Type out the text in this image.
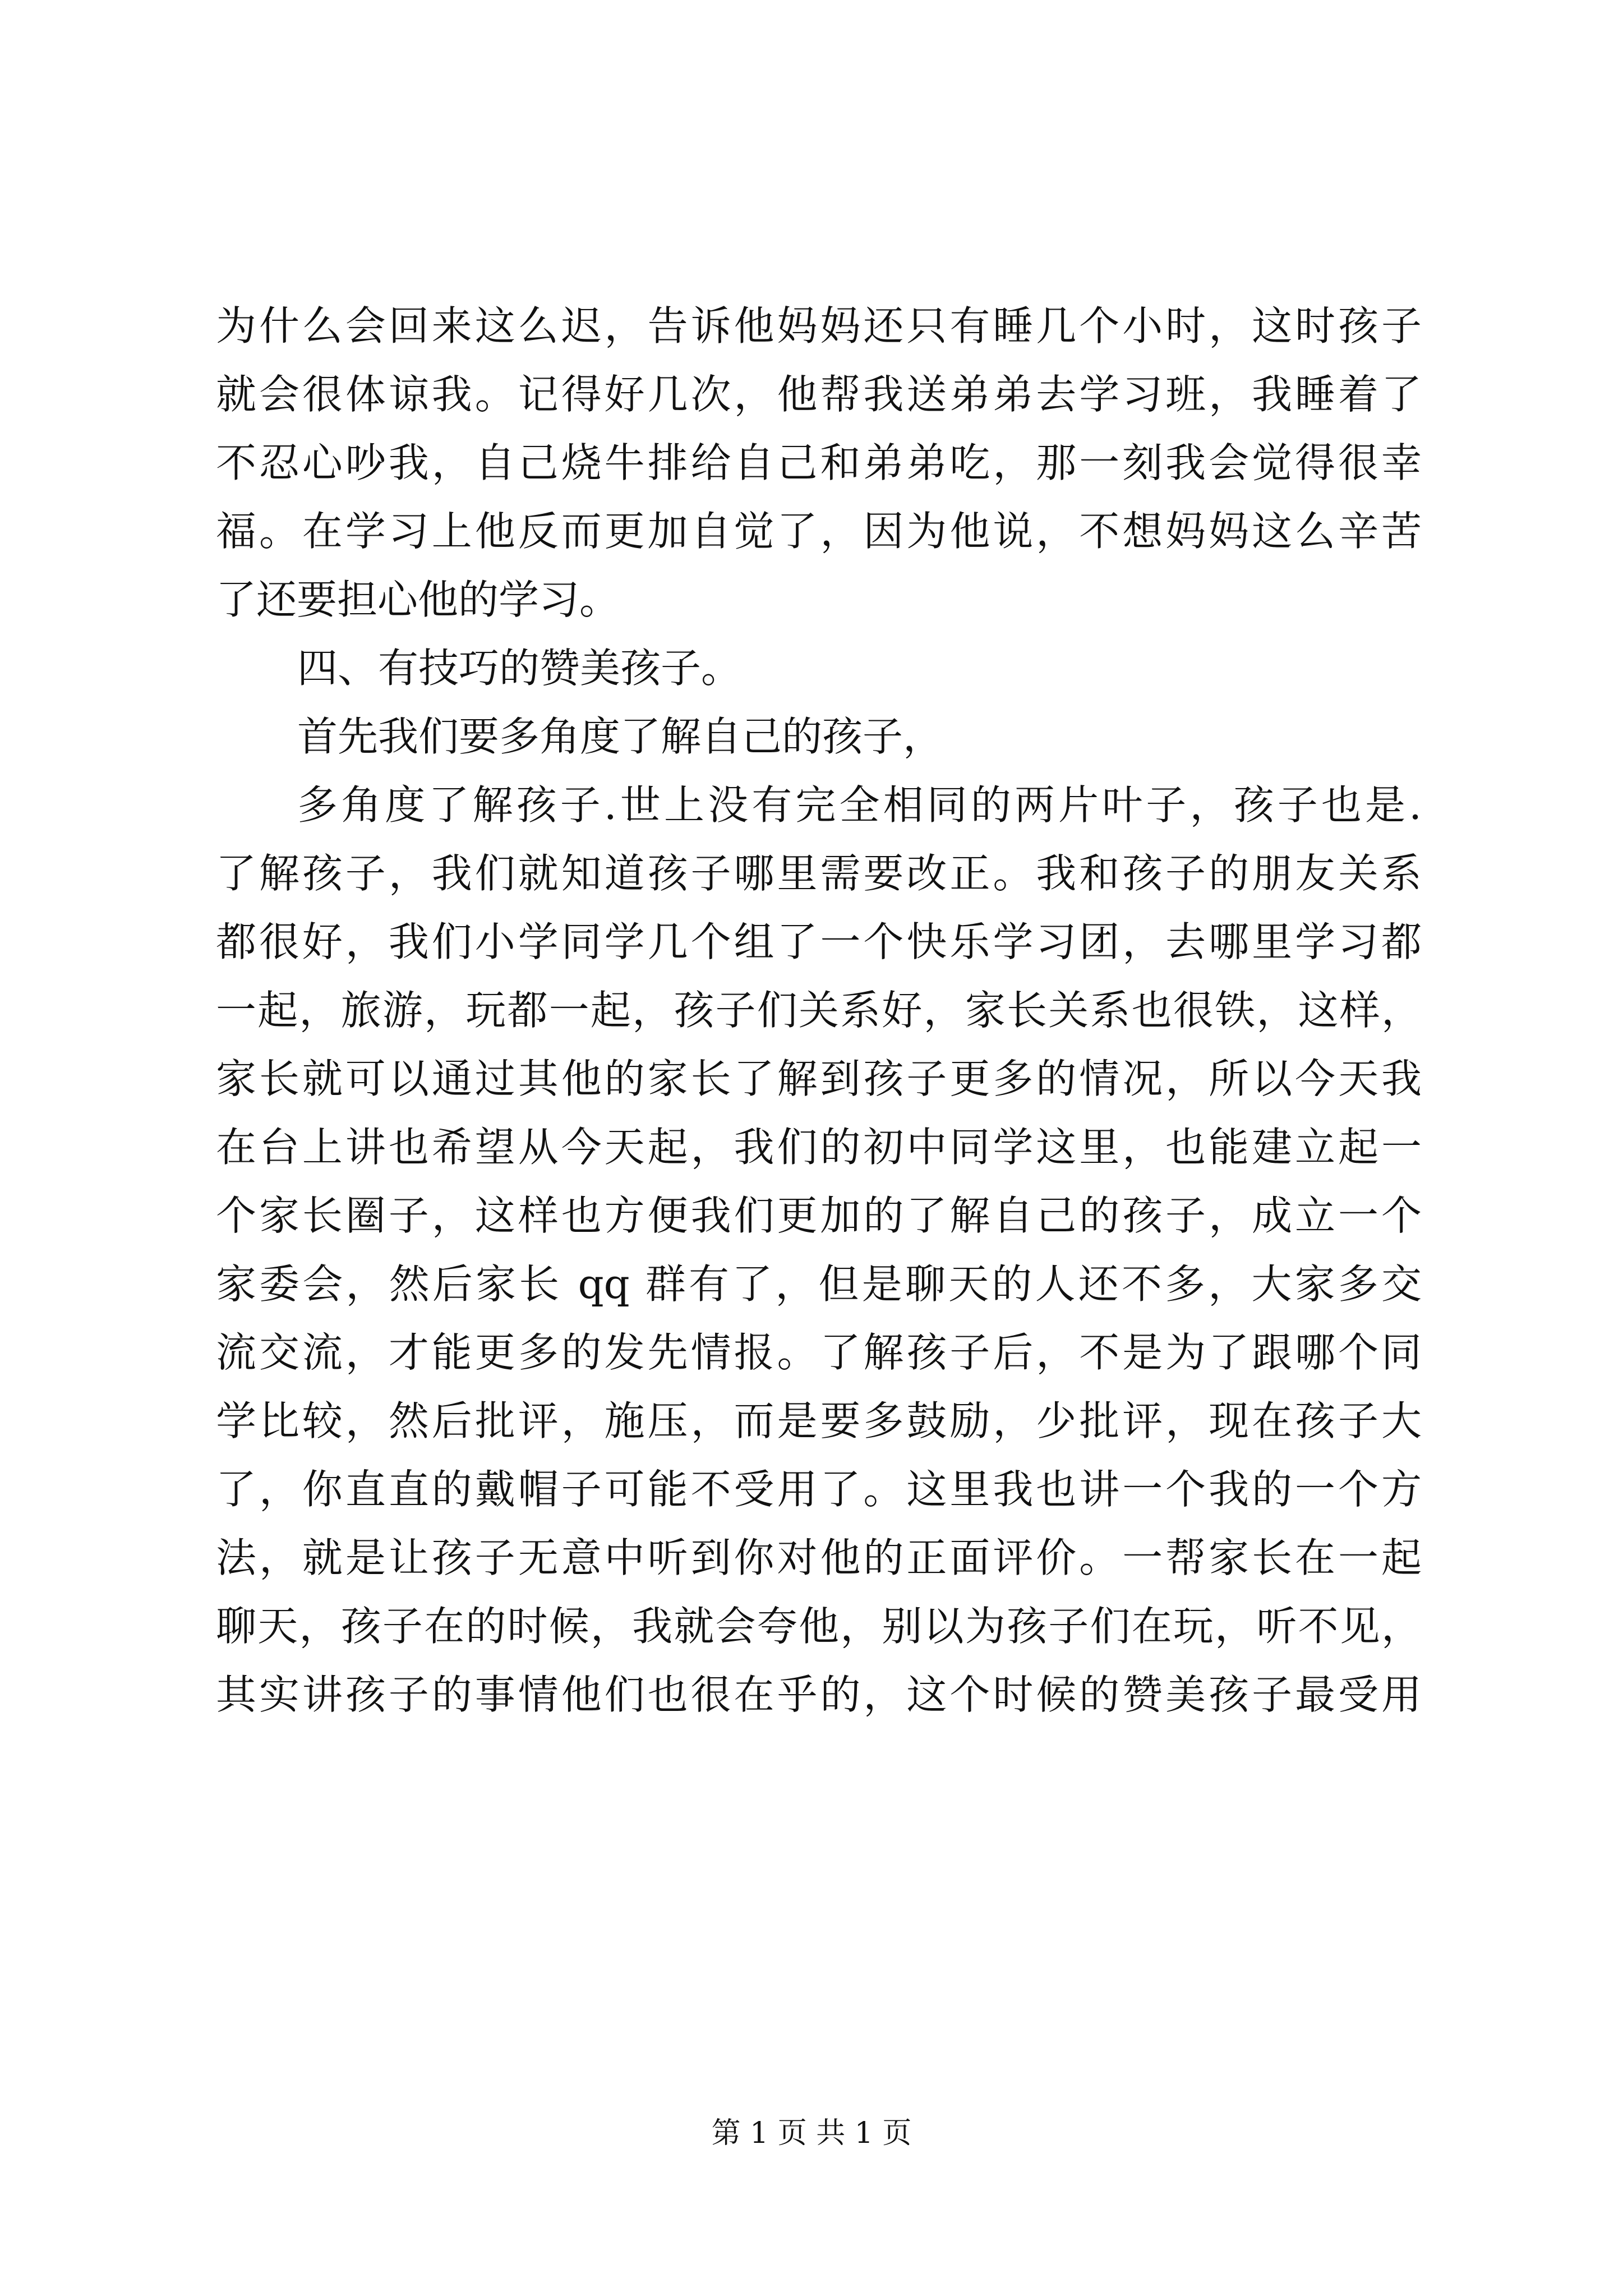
为什么会回来这么迟，告诉他妈妈还只有睡几个小时，这时孩子
就会很体谅我。记得好几次，他帮我送弟弟去学习班，我睡着了
不忍心吵我，自己烧牛排给自己和弟弟吃，那一刻我会觉得很幸
福。在学习上他反而更加自觉了，因为他说，不想妈妈这么辛苦
了还要担心他的学习。
四、有技巧的赞美孩子。
首先我们要多角度了解自己的孩子，
多角度了解孩子.世上没有完全相同的两片叶子，孩子也是.
了解孩子，我们就知道孩子哪里需要改正。我和孩子的朋友关系
都很好，我们小学同学几个组了一个快乐学习团，去哪里学习都
一起，旅游，玩都一起，孩子们关系好，家长关系也很铁，这样，
家长就可以通过其他的家长了解到孩子更多的情况，所以今天我
在台上讲也希望从今天起，我们的初中同学这里，也能建立起一
个家长圈子，这样也方便我们更加的了解自己的孩子，成立一个
家委会，然后家长 qq 群有了，但是聊天的人还不多，大家多交
流交流，才能更多的发先情报。了解孩子后，不是为了跟哪个同
学比较，然后批评，施压，而是要多鼓励，少批评，现在孩子大
了，你直直的戴帽子可能不受用了。这里我也讲一个我的一个方
法，就是让孩子无意中听到你对他的正面评价。一帮家长在一起
聊天，孩子在的时候，我就会夸他，别以为孩子们在玩，听不见，
其实讲孩子的事情他们也很在乎的，这个时候的赞美孩子最受用
第 1 页 共 1 页
